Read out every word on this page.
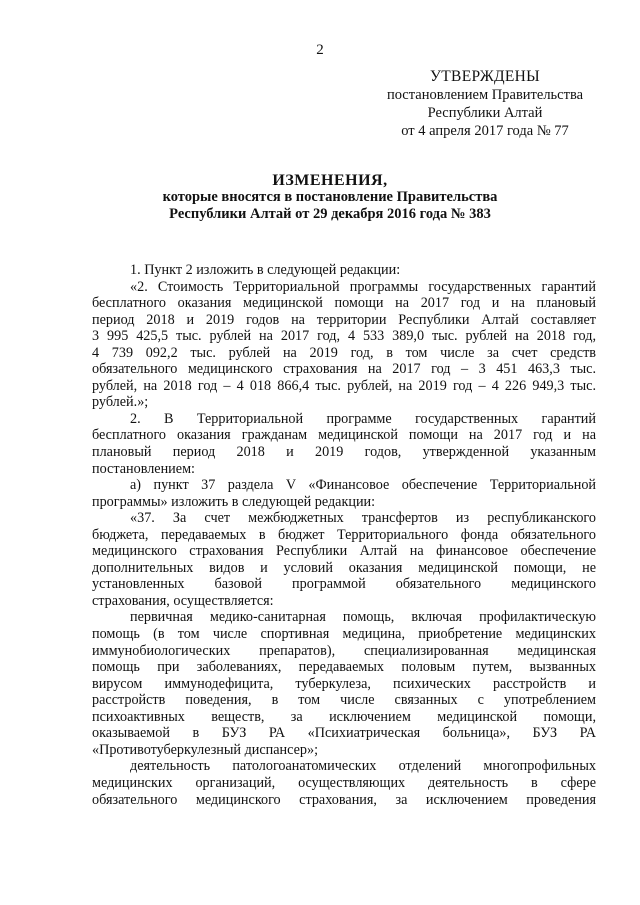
2
УТВЕРЖДЕНЫ
постановлением Правительства
Республики Алтай
от 4 апреля 2017 года № 77
ИЗМЕНЕНИЯ,
которые вносятся в постановление Правительства
Республики Алтай от 29 декабря 2016 года № 383
1. Пункт 2 изложить в следующей редакции:
«2. Стоимость Территориальной программы государственных гарантий
бесплатного оказания медицинской помощи на 2017 год и на плановый
период 2018 и 2019 годов на территории Республики Алтай составляет
3 995 425,5 тыс. рублей на 2017 год, 4 533 389,0 тыс. рублей на 2018 год,
4 739 092,2 тыс. рублей на 2019 год, в том числе за счет средств
обязательного медицинского страхования на 2017 год – 3 451 463,3 тыс.
рублей, на 2018 год – 4 018 866,4 тыс. рублей, на 2019 год – 4 226 949,3 тыс.
рублей.»;
2. В Территориальной программе государственных гарантий
бесплатного оказания гражданам медицинской помощи на 2017 год и на
плановый период 2018 и 2019 годов, утвержденной указанным
постановлением:
а) пункт 37 раздела V «Финансовое обеспечение Территориальной
программы» изложить в следующей редакции:
«37. За счет межбюджетных трансфертов из республиканского
бюджета, передаваемых в бюджет Территориального фонда обязательного
медицинского страхования Республики Алтай на финансовое обеспечение
дополнительных видов и условий оказания медицинской помощи, не
установленных базовой программой обязательного медицинского
страхования, осуществляется:
первичная медико-санитарная помощь, включая профилактическую
помощь (в том числе спортивная медицина, приобретение медицинских
иммунобиологических препаратов), специализированная медицинская
помощь при заболеваниях, передаваемых половым путем, вызванных
вирусом иммунодефицита, туберкулеза, психических расстройств и
расстройств поведения, в том числе связанных с употреблением
психоактивных веществ, за исключением медицинской помощи,
оказываемой в БУЗ РА «Психиатрическая больница», БУЗ РА
«Противотуберкулезный диспансер»;
деятельность патологоанатомических отделений многопрофильных
медицинских организаций, осуществляющих деятельность в сфере
обязательного медицинского страхования, за исключением проведения
